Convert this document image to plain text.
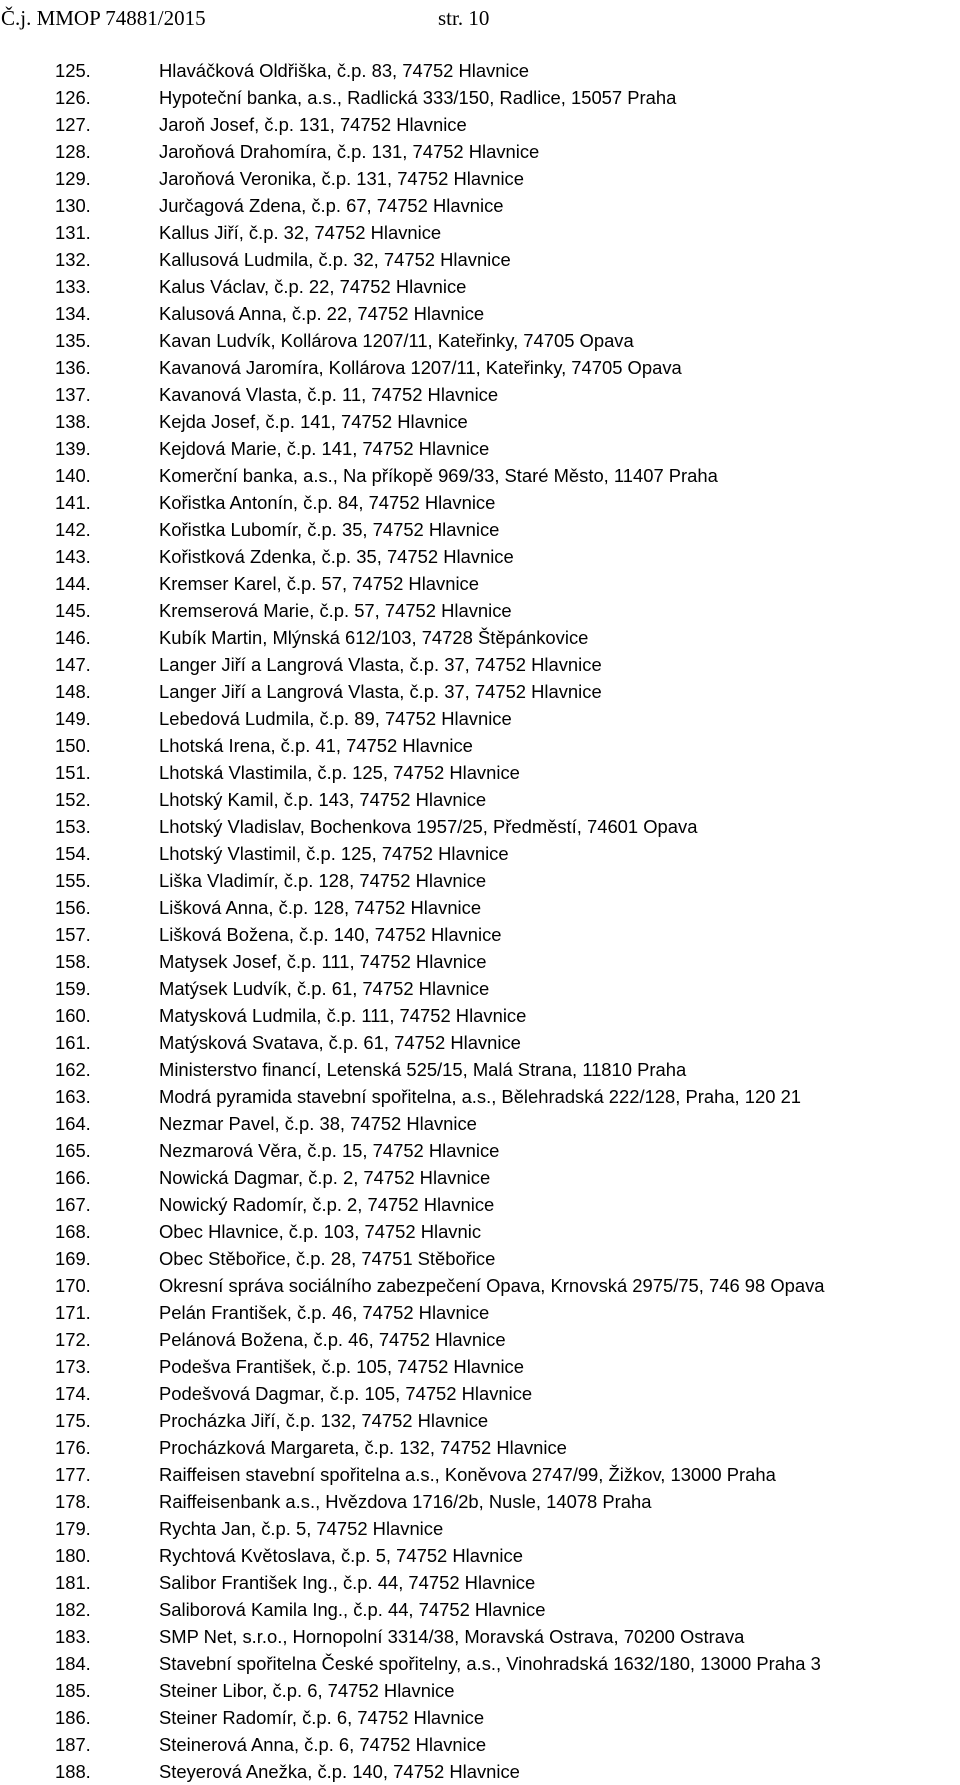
Č.j. MMOP 74881/2015	str. 10
125.	Hlaváčková Oldřiška, č.p. 83, 74752 Hlavnice
126.	Hypoteční banka, a.s., Radlická 333/150, Radlice, 15057 Praha
127.	Jaroň Josef, č.p. 131, 74752 Hlavnice
128.	Jaroňová Drahomíra, č.p. 131, 74752 Hlavnice
129.	Jaroňová Veronika, č.p. 131, 74752 Hlavnice
130.	Jurčagová Zdena, č.p. 67, 74752 Hlavnice
131.	Kallus Jiří, č.p. 32, 74752 Hlavnice
132.	Kallusová Ludmila, č.p. 32, 74752 Hlavnice
133.	Kalus Václav, č.p. 22, 74752 Hlavnice
134.	Kalusová Anna, č.p. 22, 74752 Hlavnice
135.	Kavan Ludvík, Kollárova 1207/11, Kateřinky, 74705 Opava
136.	Kavanová Jaromíra, Kollárova 1207/11, Kateřinky, 74705 Opava
137.	Kavanová Vlasta, č.p. 11, 74752 Hlavnice
138.	Kejda Josef, č.p. 141, 74752 Hlavnice
139.	Kejdová Marie, č.p. 141, 74752 Hlavnice
140.	Komerční banka, a.s., Na příkopě 969/33, Staré Město, 11407 Praha
141.	Kořistka Antonín, č.p. 84, 74752 Hlavnice
142.	Kořistka Lubomír, č.p. 35, 74752 Hlavnice
143.	Kořistková Zdenka, č.p. 35, 74752 Hlavnice
144.	Kremser Karel, č.p. 57, 74752 Hlavnice
145.	Kremserová Marie, č.p. 57, 74752 Hlavnice
146.	Kubík Martin, Mlýnská 612/103, 74728 Štěpánkovice
147.	Langer Jiří a Langrová Vlasta, č.p. 37, 74752 Hlavnice
148.	Langer Jiří a Langrová Vlasta, č.p. 37, 74752 Hlavnice
149.	Lebedová Ludmila, č.p. 89, 74752 Hlavnice
150.	Lhotská Irena, č.p. 41, 74752 Hlavnice
151.	Lhotská Vlastimila, č.p. 125, 74752 Hlavnice
152.	Lhotský Kamil, č.p. 143, 74752 Hlavnice
153.	Lhotský Vladislav, Bochenkova 1957/25, Předměstí, 74601 Opava
154.	Lhotský Vlastimil, č.p. 125, 74752 Hlavnice
155.	Liška Vladimír, č.p. 128, 74752 Hlavnice
156.	Lišková Anna, č.p. 128, 74752 Hlavnice
157.	Lišková Božena, č.p. 140, 74752 Hlavnice
158.	Matysek Josef, č.p. 111, 74752 Hlavnice
159.	Matýsek Ludvík, č.p. 61, 74752 Hlavnice
160.	Matysková Ludmila, č.p. 111, 74752 Hlavnice
161.	Matýsková Svatava, č.p. 61, 74752 Hlavnice
162.	Ministerstvo financí, Letenská 525/15, Malá Strana, 11810 Praha
163.	Modrá pyramida stavební spořitelna, a.s., Bělehradská 222/128, Praha, 120 21
164.	Nezmar Pavel, č.p. 38, 74752 Hlavnice
165.	Nezmarová Věra, č.p. 15, 74752 Hlavnice
166.	Nowická Dagmar, č.p. 2, 74752 Hlavnice
167.	Nowický Radomír, č.p. 2, 74752 Hlavnice
168.	Obec Hlavnice, č.p. 103, 74752 Hlavnic
169.	Obec Stěbořice, č.p. 28, 74751 Stěbořice
170.	Okresní správa sociálního zabezpečení Opava, Krnovská 2975/75, 746 98 Opava
171.	Pelán František, č.p. 46, 74752 Hlavnice
172.	Pelánová Božena, č.p. 46, 74752 Hlavnice
173.	Podešva František, č.p. 105, 74752 Hlavnice
174.	Podešvová Dagmar, č.p. 105, 74752 Hlavnice
175.	Procházka Jiří, č.p. 132, 74752 Hlavnice
176.	Procházková Margareta, č.p. 132, 74752 Hlavnice
177.	Raiffeisen stavební spořitelna a.s., Koněvova 2747/99, Žižkov, 13000 Praha
178.	Raiffeisenbank a.s., Hvězdova 1716/2b, Nusle, 14078 Praha
179.	Rychta Jan, č.p. 5, 74752 Hlavnice
180.	Rychtová Květoslava, č.p. 5, 74752 Hlavnice
181.	Salibor František Ing., č.p. 44, 74752 Hlavnice
182.	Saliborová Kamila Ing., č.p. 44, 74752 Hlavnice
183.	SMP Net, s.r.o., Hornopolní 3314/38, Moravská Ostrava, 70200 Ostrava
184.	Stavební spořitelna České spořitelny, a.s., Vinohradská 1632/180, 13000 Praha 3
185.	Steiner Libor, č.p. 6, 74752 Hlavnice
186.	Steiner Radomír, č.p. 6, 74752 Hlavnice
187.	Steinerová Anna, č.p. 6, 74752 Hlavnice
188.	Steyerová Anežka, č.p. 140, 74752 Hlavnice
